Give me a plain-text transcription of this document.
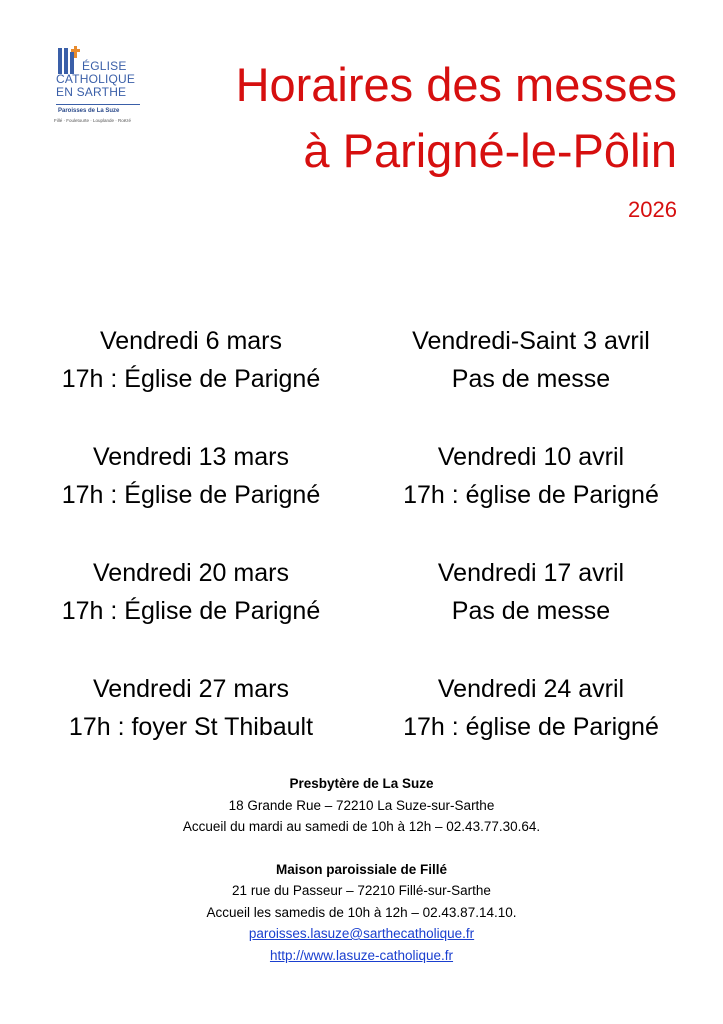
ÉGLISE
CATHOLIQUE
EN SARTHE
Paroisses de La Suze
Fillé · Fouletourte · Louplande · Roëzé
Horaires des messes
à Parigné-le-Pôlin
2026
Vendredi 6 mars
17h : Église de Parigné
Vendredi 13 mars
17h : Église de Parigné
Vendredi 20 mars
17h : Église de Parigné
Vendredi 27 mars
17h : foyer St Thibault
Vendredi-Saint 3 avril
Pas de messe
Vendredi 10 avril
17h : église de Parigné
Vendredi 17 avril
Pas de messe
Vendredi 24 avril
17h : église de Parigné
Presbytère de La Suze
18 Grande Rue – 72210 La Suze-sur-Sarthe
Accueil du mardi au samedi de 10h à 12h – 02.43.77.30.64.
Maison paroissiale de Fillé
21 rue du Passeur – 72210 Fillé-sur-Sarthe
Accueil les samedis de 10h à 12h – 02.43.87.14.10.
paroisses.lasuze@sarthecatholique.fr
http://www.lasuze-catholique.fr
